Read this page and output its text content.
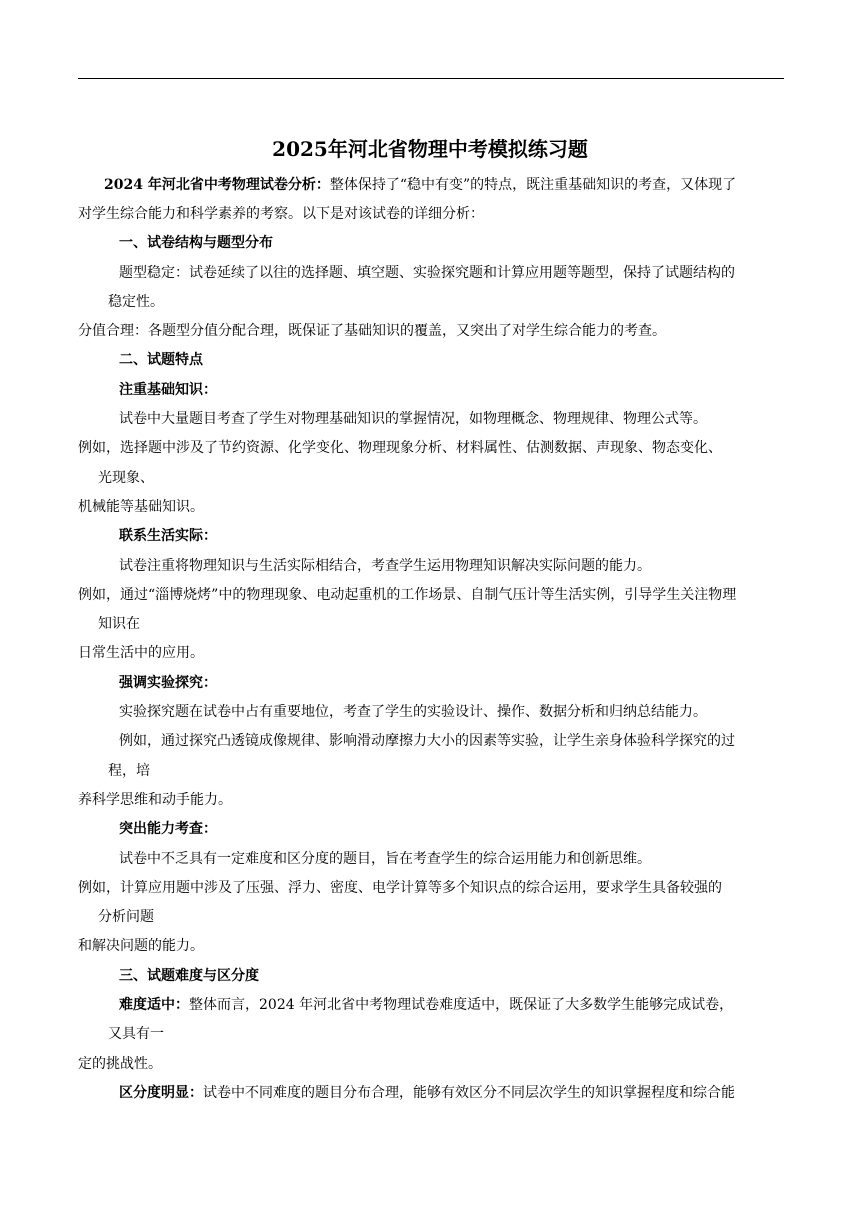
2025年河北省物理中考模拟练习题
2024 年河北省中考物理试卷分析：整体保持了“稳中有变”的特点，既注重基础知识的考查，又体现了
对学生综合能力和科学素养的考察。以下是对该试卷的详细分析：
一、试卷结构与题型分布
题型稳定：试卷延续了以往的选择题、填空题、实验探究题和计算应用题等题型，保持了试题结构的
稳定性。
分值合理：各题型分值分配合理，既保证了基础知识的覆盖，又突出了对学生综合能力的考查。
二、试题特点
注重基础知识：
试卷中大量题目考查了学生对物理基础知识的掌握情况，如物理概念、物理规律、物理公式等。
例如，选择题中涉及了节约资源、化学变化、物理现象分析、材料属性、估测数据、声现象、物态变化、
光现象、
机械能等基础知识。
联系生活实际：
试卷注重将物理知识与生活实际相结合，考查学生运用物理知识解决实际问题的能力。
例如，通过“淄博烧烤”中的物理现象、电动起重机的工作场景、自制气压计等生活实例，引导学生关注物理
知识在
日常生活中的应用。
强调实验探究：
实验探究题在试卷中占有重要地位，考查了学生的实验设计、操作、数据分析和归纳总结能力。
例如，通过探究凸透镜成像规律、影响滑动摩擦力大小的因素等实验，让学生亲身体验科学探究的过
程，培
养科学思维和动手能力。
突出能力考查：
试卷中不乏具有一定难度和区分度的题目，旨在考查学生的综合运用能力和创新思维。
例如，计算应用题中涉及了压强、浮力、密度、电学计算等多个知识点的综合运用，要求学生具备较强的
分析问题
和解决问题的能力。
三、试题难度与区分度
难度适中：整体而言，2024 年河北省中考物理试卷难度适中，既保证了大多数学生能够完成试卷，
又具有一
定的挑战性。
区分度明显：试卷中不同难度的题目分布合理，能够有效区分不同层次学生的知识掌握程度和综合能
